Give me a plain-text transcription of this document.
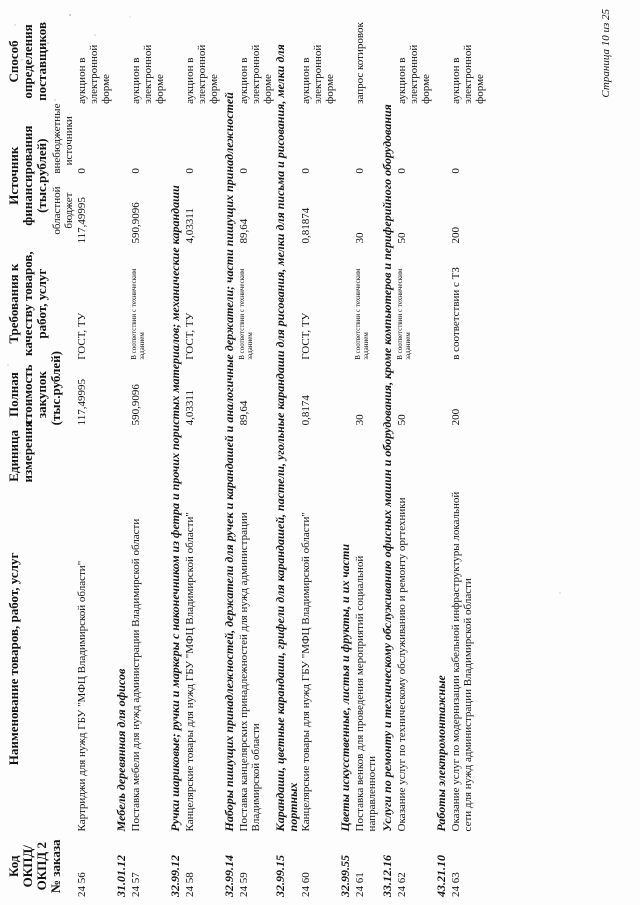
Код ОКПД/ ОКПД 2 № заказа	Наименование товаров, работ, услуг	Единица измерения	Полная стоимость закупок (тыс.рублей)	Требования к качеству товаров, работ, услуг	Источник финансирования (тыс.рублей)		Способ определения поставщиков
					областной бюджет	внебюджетные источники	
24 56	Картриджи для нужд ГБУ "МФЦ Владимирской области"		117,49995	ГОСТ, ТУ	117,49995	0	аукцион в электронной форме
31.01.12	Мебель деревянная для офисов						
24 57	Поставка мебели для нужд администрации Владимирской области		590,9096	В соответствии с техническим заданием	590,9096	0	аукцион в электронной форме
32.99.12	Ручки шариковые; ручки и маркеры с наконечником из фетра и прочих пористых материалов; механические карандаши						
24 58	Канцелярские товары для нужд ГБУ "МФЦ Владимирской области"		4,03311	ГОСТ, ТУ	4,03311	0	аукцион в электронной форме
32.99.14	Наборы пишущих принадлежностей, держатели для ручек и карандашей и аналогичные держатели; части пишущих принадлежностей						
24 59	Поставка канцелярских принадлежностей для нужд администрации Владимирской области		89,64	В соответствии с техническим заданием	89,64	0	аукцион в электронной форме
32.99.15	Карандаши, цветные карандаши, грифели для карандашей, пастели, угольные карандаши для рисования, мелки для письма и рисования, мелки для портных						
24 60	Канцелярские товары для нужд ГБУ "МФЦ Владимирской области"		0,8174	ГОСТ, ТУ	0,81874	0	аукцион в электронной форме
32.99.55	Цветы искусственные, листья и фрукты, и их части						
24 61	Поставка венков для проведения мероприятий социальной направленности		30	В соответствии с техническим заданием	30	0	запрос котировок
33.12.16	Услуги по ремонту и техническому обслуживанию офисных машин и оборудования, кроме компьютеров и периферийного оборудования						
24 62	Оказание услуг по техническому обслуживанию и ремонту оргтехники		50	В соответствии с техническим заданием	50	0	аукцион в электронной форме
43.21.10	Работы электромонтажные						
24 63	Оказание услуг по модернизации кабельной инфраструктуры локальной сети для нужд администрации Владимирской области		200	в соответствии с ТЗ	200	0	аукцион в электронной форме	Страница 10 из 25
